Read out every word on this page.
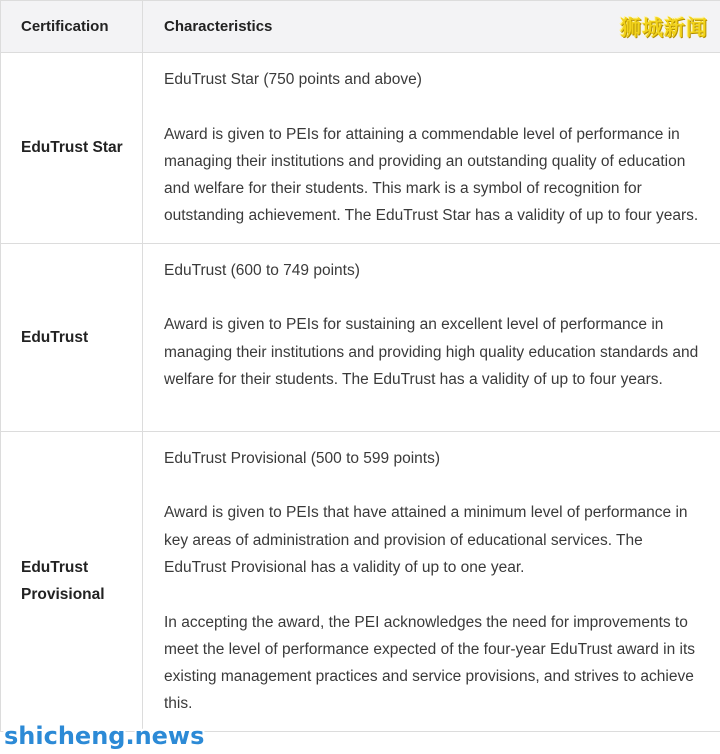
Certification	Characteristics
EduTrust Star	EduTrust Star (750 points and above)

Award is given to PEIs for attaining a commendable level of performance in managing their institutions and providing an outstanding quality of education and welfare for their students. This mark is a symbol of recognition for outstanding achievement. The EduTrust Star has a validity of up to four years.

EduTrust	EduTrust (600 to 749 points)

Award is given to PEIs for sustaining an excellent level of performance in managing their institutions and providing high quality education standards and welfare for their students. The EduTrust has a validity of up to four years.

EduTrust Provisional	EduTrust Provisional (500 to 599 points)

Award is given to PEIs that have attained a minimum level of performance in key areas of administration and provision of educational services. The EduTrust Provisional has a validity of up to one year.

In accepting the award, the PEI acknowledges the need for improvements to meet the level of performance expected of the four-year EduTrust award in its existing management practices and service provisions, and strives to achieve this.

狮城新闻
shicheng.news
